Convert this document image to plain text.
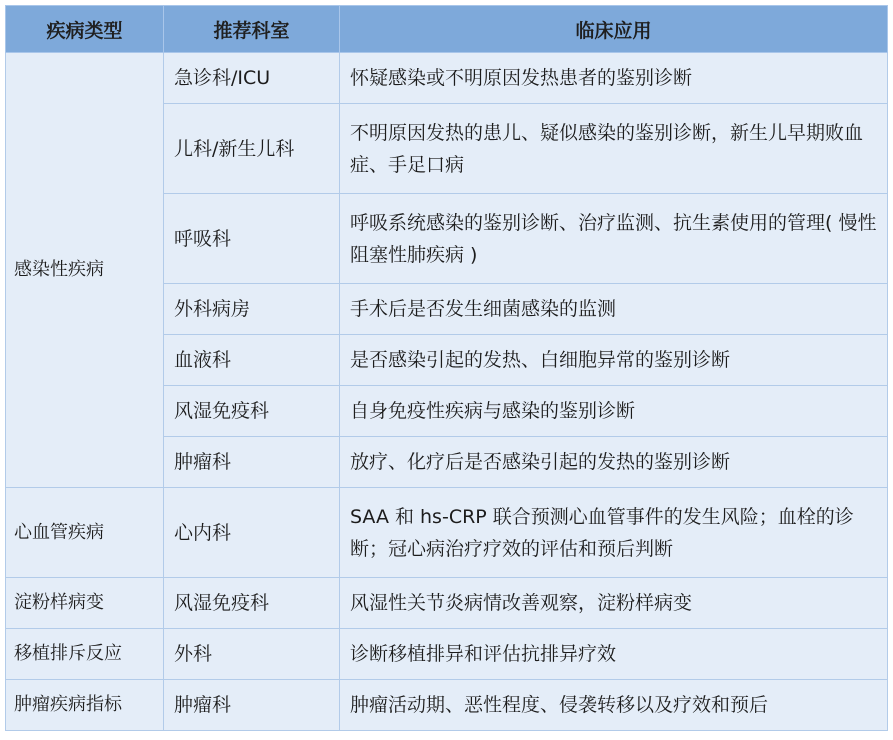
疾病类型	推荐科室	临床应用
感染性疾病	急诊科/ICU	怀疑感染或不明原因发热患者的鉴别诊断
	儿科/新生儿科	不明原因发热的患儿、疑似感染的鉴别诊断，新生儿早期败血症、手足口病
	呼吸科	呼吸系统感染的鉴别诊断、治疗监测、抗生素使用的管理( 慢性阻塞性肺疾病 )
	外科病房	手术后是否发生细菌感染的监测
	血液科	是否感染引起的发热、白细胞异常的鉴别诊断
	风湿免疫科	自身免疫性疾病与感染的鉴别诊断
	肿瘤科	放疗、化疗后是否感染引起的发热的鉴别诊断
心血管疾病	心内科	SAA 和 hs-CRP 联合预测心血管事件的发生风险；血栓的诊断；冠心病治疗疗效的评估和预后判断
淀粉样病变	风湿免疫科	风湿性关节炎病情改善观察，淀粉样病变
移植排斥反应	外科	诊断移植排异和评估抗排异疗效
肿瘤疾病指标	肿瘤科	肿瘤活动期、恶性程度、侵袭转移以及疗效和预后
